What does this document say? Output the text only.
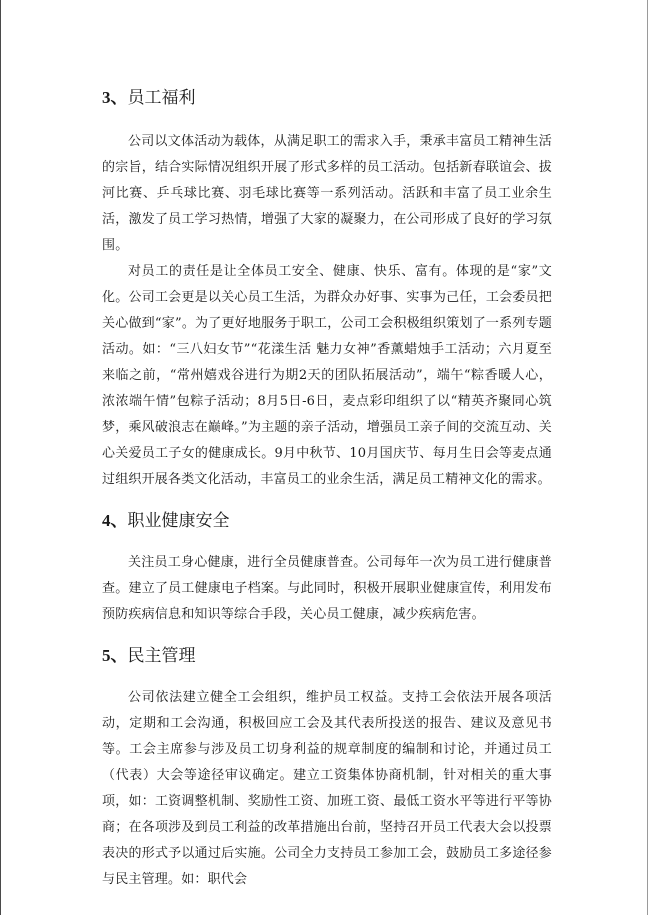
3、员工福利

公司以文体活动为载体，从满足职工的需求入手，秉承丰富员工精神生活的宗旨，结合实际情况组织开展了形式多样的员工活动。包括新春联谊会、拔河比赛、乒乓球比赛、羽毛球比赛等一系列活动。活跃和丰富了员工业余生活，激发了员工学习热情，增强了大家的凝聚力，在公司形成了良好的学习氛围。

对员工的责任是让全体员工安全、健康、快乐、富有。体现的是“家”文化。公司工会更是以关心员工生活，为群众办好事、实事为己任，工会委员把关心做到“家”。为了更好地服务于职工，公司工会积极组织策划了一系列专题活动。如：“三八妇女节”“花漾生活 魅力女神”香薰蜡烛手工活动；六月夏至来临之前，“常州嬉戏谷进行为期2天的团队拓展活动”，端午“粽香暖人心，浓浓端午情”包粽子活动；8月5日-6日，麦点彩印组织了以“精英齐聚同心筑梦，乘风破浪志在巅峰。”为主题的亲子活动，增强员工亲子间的交流互动、关心关爱员工子女的健康成长。9月中秋节、10月国庆节、每月生日会等麦点通过组织开展各类文化活动，丰富员工的业余生活，满足员工精神文化的需求。

4、职业健康安全

关注员工身心健康，进行全员健康普查。公司每年一次为员工进行健康普查。建立了员工健康电子档案。与此同时，积极开展职业健康宣传，利用发布预防疾病信息和知识等综合手段，关心员工健康，减少疾病危害。

5、民主管理

公司依法建立健全工会组织，维护员工权益。支持工会依法开展各项活动，定期和工会沟通，积极回应工会及其代表所投送的报告、建议及意见书等。工会主席参与涉及员工切身利益的规章制度的编制和讨论，并通过员工（代表）大会等途径审议确定。建立工资集体协商机制，针对相关的重大事项，如：工资调整机制、奖励性工资、加班工资、最低工资水平等进行平等协商；在各项涉及到员工利益的改革措施出台前，坚持召开员工代表大会以投票表决的形式予以通过后实施。公司全力支持员工参加工会，鼓励员工多途径参与民主管理。如：职代会
